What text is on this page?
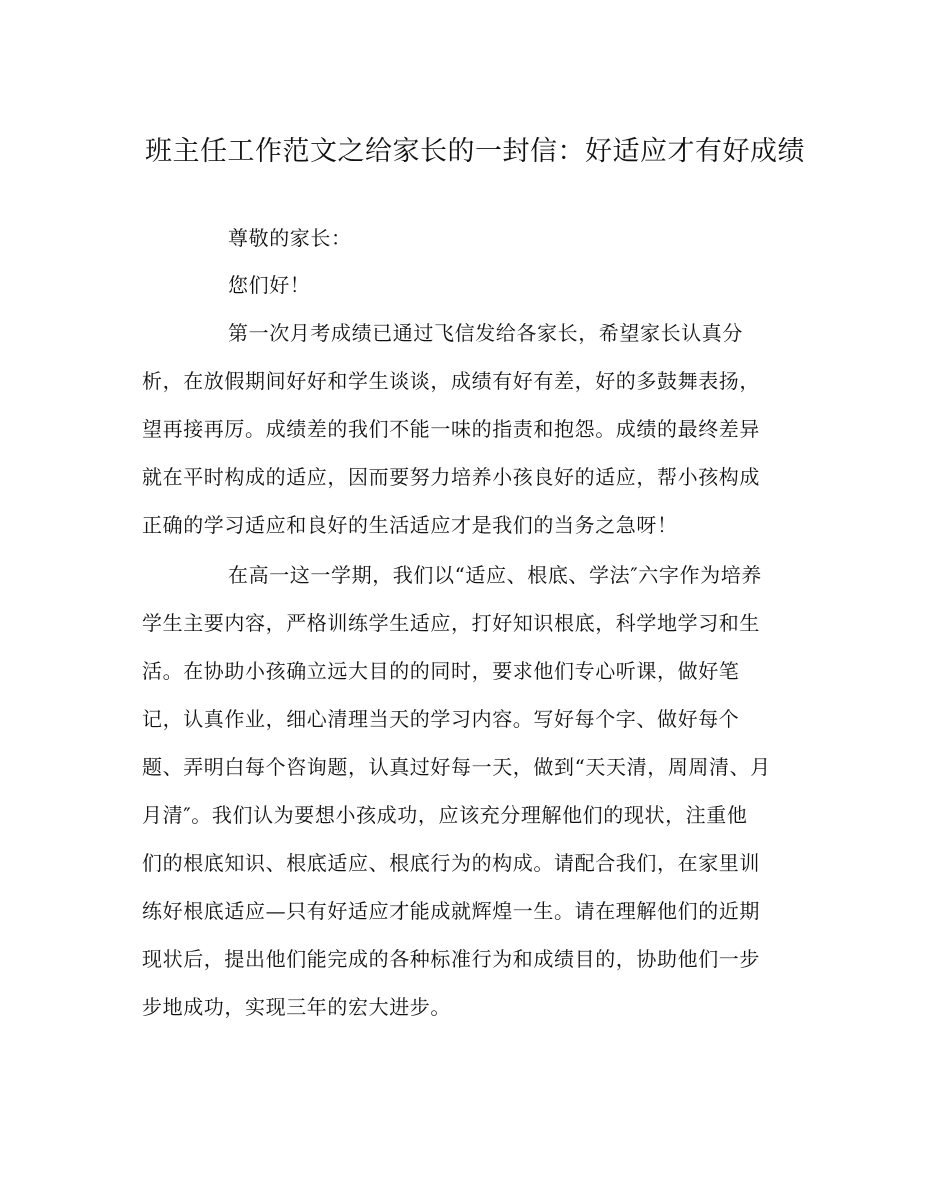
班主任工作范文之给家长的一封信：好适应才有好成绩
尊敬的家长：
您们好！
第一次月考成绩已通过飞信发给各家长，希望家长认真分
析，在放假期间好好和学生谈谈，成绩有好有差，好的多鼓舞表扬，
望再接再厉。成绩差的我们不能一味的指责和抱怨。成绩的最终差异
就在平时构成的适应，因而要努力培养小孩良好的适应，帮小孩构成
正确的学习适应和良好的生活适应才是我们的当务之急呀！
在高一这一学期，我们以“适应、根底、学法″六字作为培养
学生主要内容，严格训练学生适应，打好知识根底，科学地学习和生
活。在协助小孩确立远大目的的同时，要求他们专心听课，做好笔
记，认真作业，细心清理当天的学习内容。写好每个字、做好每个
题、弄明白每个咨询题，认真过好每一天，做到“天天清，周周清、月
月清″。我们认为要想小孩成功，应该充分理解他们的现状，注重他
们的根底知识、根底适应、根底行为的构成。请配合我们，在家里训
练好根底适应—只有好适应才能成就辉煌一生。请在理解他们的近期
现状后，提出他们能完成的各种标准行为和成绩目的，协助他们一步
步地成功，实现三年的宏大进步。
